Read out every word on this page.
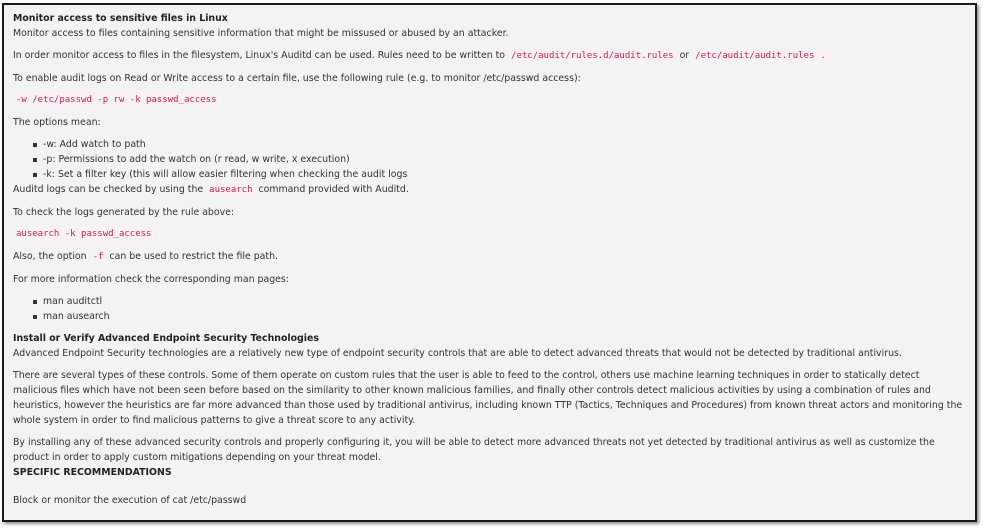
Monitor access to sensitive files in Linux

Monitor access to files containing sensitive information that might be missused or abused by an attacker.

In order monitor access to files in the filesystem, Linux's Auditd can be used. Rules need to be written to /etc/audit/rules.d/audit.rules or /etc/audit/audit.rules .

To enable audit logs on Read or Write access to a certain file, use the following rule (e.g. to monitor /etc/passwd access):

-w /etc/passwd -p rw -k passwd_access

The options mean:

-w: Add watch to path
-p: Permissions to add the watch on (r read, w write, x execution)
-k: Set a filter key (this will allow easier filtering when checking the audit logs

Auditd logs can be checked by using the ausearch command provided with Auditd.

To check the logs generated by the rule above:

ausearch -k passwd_access

Also, the option -f can be used to restrict the file path.

For more information check the corresponding man pages:

man auditctl
man ausearch
Install or Verify Advanced Endpoint Security Technologies

Advanced Endpoint Security technologies are a relatively new type of endpoint security controls that are able to detect advanced threats that would not be detected by traditional antivirus.

There are several types of these controls. Some of them operate on custom rules that the user is able to feed to the control, others use machine learning techniques in order to statically detect malicious files which have not been seen before based on the similarity to other known malicious families, and finally other controls detect malicious activities by using a combination of rules and heuristics, however the heuristics are far more advanced than those used by traditional antivirus, including known TTP (Tactics, Techniques and Procedures) from known threat actors and monitoring the whole system in order to find malicious patterns to give a threat score to any activity.

By installing any of these advanced security controls and properly configuring it, you will be able to detect more advanced threats not yet detected by traditional antivirus as well as customize the product in order to apply custom mitigations depending on your threat model.

SPECIFIC RECOMMENDATIONS

Block or monitor the execution of cat /etc/passwd
